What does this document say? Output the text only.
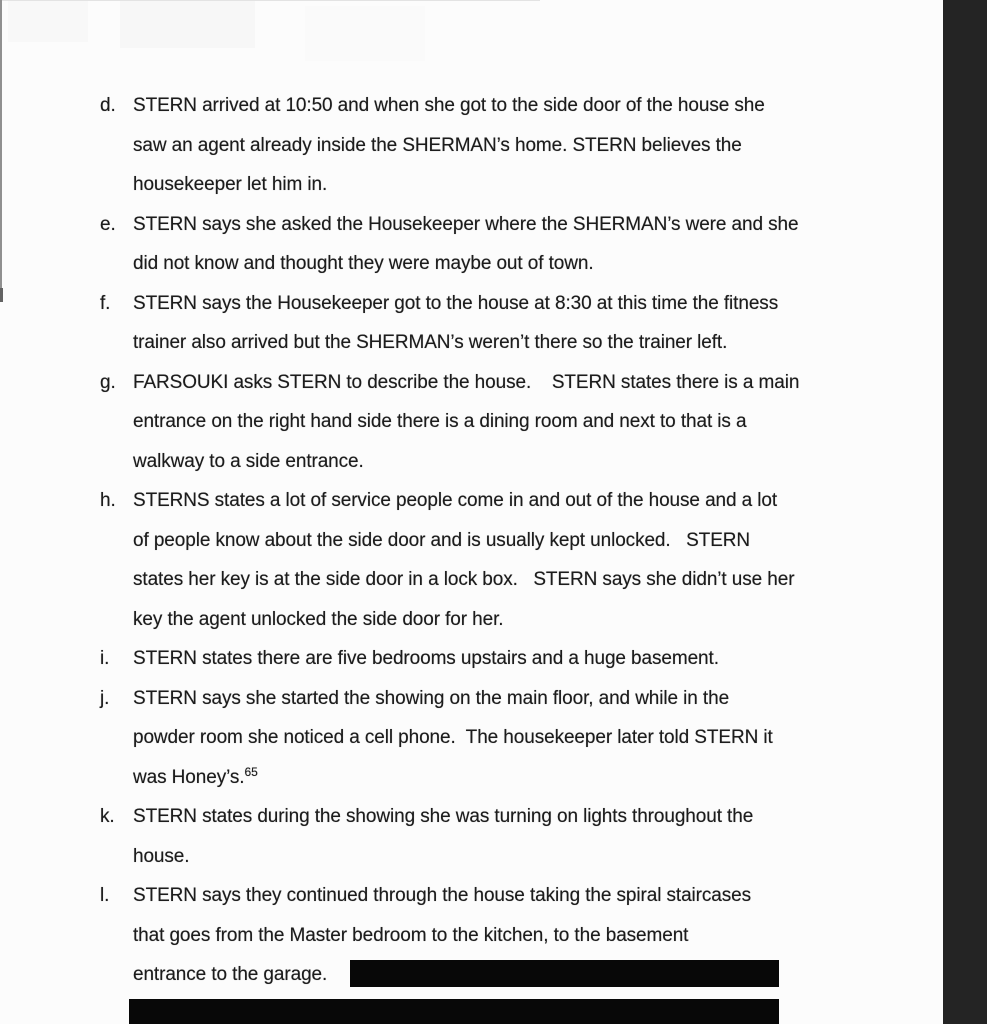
d. STERN arrived at 10:50 and when she got to the side door of the house she
saw an agent already inside the SHERMAN’s home. STERN believes the
housekeeper let him in.
e. STERN says she asked the Housekeeper where the SHERMAN’s were and she
did not know and thought they were maybe out of town.
f.	STERN says the Housekeeper got to the house at 8:30 at this time the fitness
trainer also arrived but the SHERMAN’s weren’t there so the trainer left.
g. FARSOUKI asks STERN to describe the house.    STERN states there is a main
entrance on the right hand side there is a dining room and next to that is a
walkway to a side entrance.
h. STERNS states a lot of service people come in and out of the house and a lot
of people know about the side door and is usually kept unlocked.   STERN
states her key is at the side door in a lock box.   STERN says she didn’t use her
key the agent unlocked the side door for her.
i.	STERN states there are five bedrooms upstairs and a huge basement.
j.	STERN says she started the showing on the main floor, and while in the
powder room she noticed a cell phone.  The housekeeper later told STERN it
was Honey’s.$^{65}$
k. STERN states during the showing she was turning on lights throughout the
house.
l.	STERN says they continued through the house taking the spiral staircases
that goes from the Master bedroom to the kitchen, to the basement
entrance to the garage.
